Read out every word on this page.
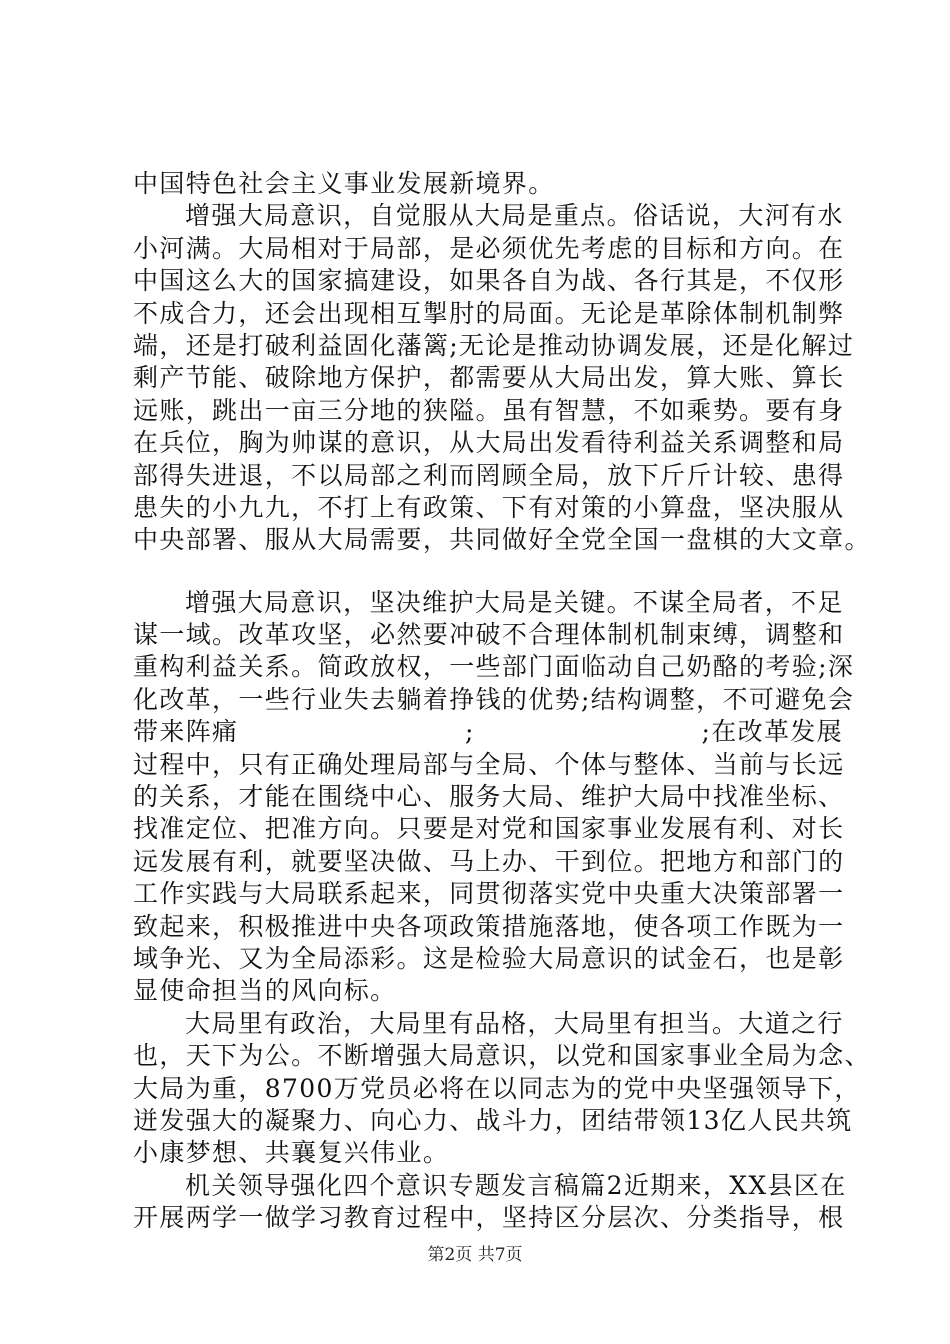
中国特色社会主义事业发展新境界。
增强大局意识，自觉服从大局是重点。俗话说，大河有水
小河满。大局相对于局部，是必须优先考虑的目标和方向。在
中国这么大的国家搞建设，如果各自为战、各行其是，不仅形
不成合力，还会出现相互掣肘的局面。无论是革除体制机制弊
端，还是打破利益固化藩篱;无论是推动协调发展，还是化解过
剩产节能、破除地方保护，都需要从大局出发，算大账、算长
远账，跳出一亩三分地的狭隘。虽有智慧，不如乘势。要有身
在兵位，胸为帅谋的意识，从大局出发看待利益关系调整和局
部得失进退，不以局部之利而罔顾全局，放下斤斤计较、患得
患失的小九九，不打上有政策、下有对策的小算盘，坚决服从
中央部署、服从大局需要，共同做好全党全国一盘棋的大文章。
增强大局意识，坚决维护大局是关键。不谋全局者，不足
谋一域。改革攻坚，必然要冲破不合理体制机制束缚，调整和
重构利益关系。简政放权，一些部门面临动自己奶酪的考验;深
化改革，一些行业失去躺着挣钱的优势;结构调整，不可避免会
带来阵痛	;	;在改革发展
过程中，只有正确处理局部与全局、个体与整体、当前与长远
的关系，才能在围绕中心、服务大局、维护大局中找准坐标、
找准定位、把准方向。只要是对党和国家事业发展有利、对长
远发展有利，就要坚决做、马上办、干到位。把地方和部门的
工作实践与大局联系起来，同贯彻落实党中央重大决策部署一
致起来，积极推进中央各项政策措施落地，使各项工作既为一
域争光、又为全局添彩。这是检验大局意识的试金石，也是彰
显使命担当的风向标。
大局里有政治，大局里有品格，大局里有担当。大道之行
也，天下为公。不断增强大局意识，以党和国家事业全局为念、
大局为重，8700万党员必将在以同志为的党中央坚强领导下，
迸发强大的凝聚力、向心力、战斗力，团结带领13亿人民共筑
小康梦想、共襄复兴伟业。
机关领导强化四个意识专题发言稿篇2近期来，XX县区在
开展两学一做学习教育过程中，坚持区分层次、分类指导，根
第2页 共7页
